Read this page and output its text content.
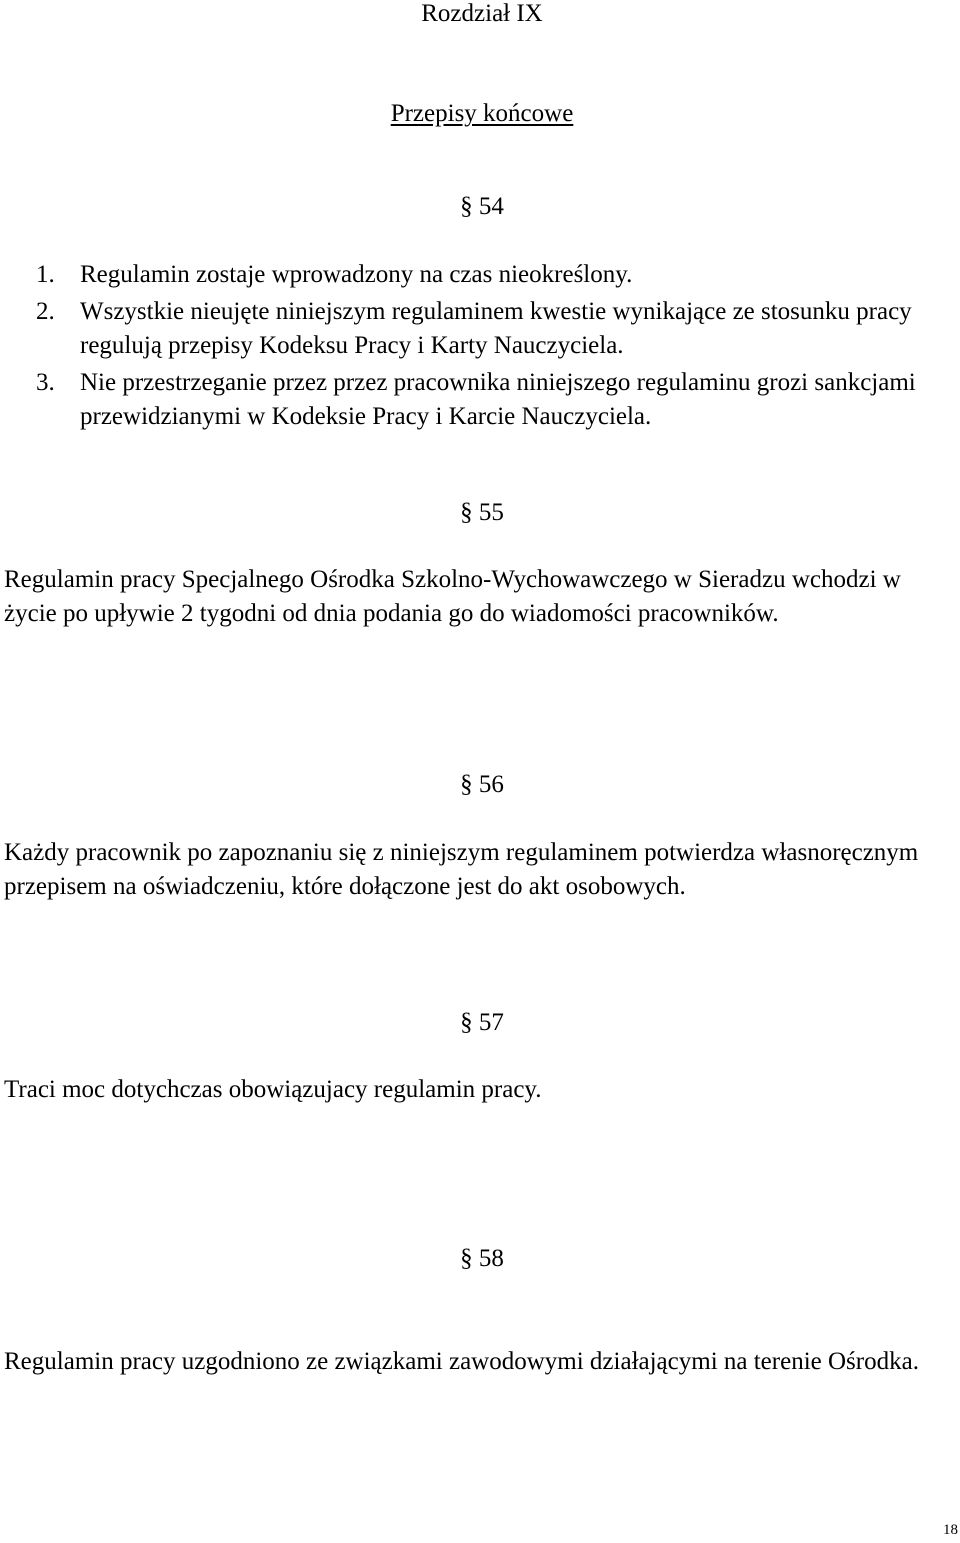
Rozdział IX
Przepisy końcowe
§ 54
1. Regulamin zostaje wprowadzony na czas nieokreślony.
2. Wszystkie nieujęte niniejszym regulaminem kwestie wynikające ze stosunku pracy regulują przepisy Kodeksu Pracy i Karty Nauczyciela.
3. Nie przestrzeganie przez przez pracownika niniejszego regulaminu grozi sankcjami przewidzianymi w Kodeksie Pracy i Karcie Nauczyciela.
§ 55

Regulamin pracy Specjalnego Ośrodka Szkolno-Wychowawczego w Sieradzu wchodzi w życie po upływie 2 tygodni od dnia podania go do wiadomości pracowników.

§ 56

Każdy pracownik po zapoznaniu się z niniejszym regulaminem potwierdza własnoręcznym przepisem na oświadczeniu, które dołączone jest do akt osobowych.

§ 57

Traci moc dotychczas obowiązujacy regulamin pracy.

§ 58

Regulamin pracy uzgodniono ze związkami zawodowymi działającymi na terenie Ośrodka.

18
